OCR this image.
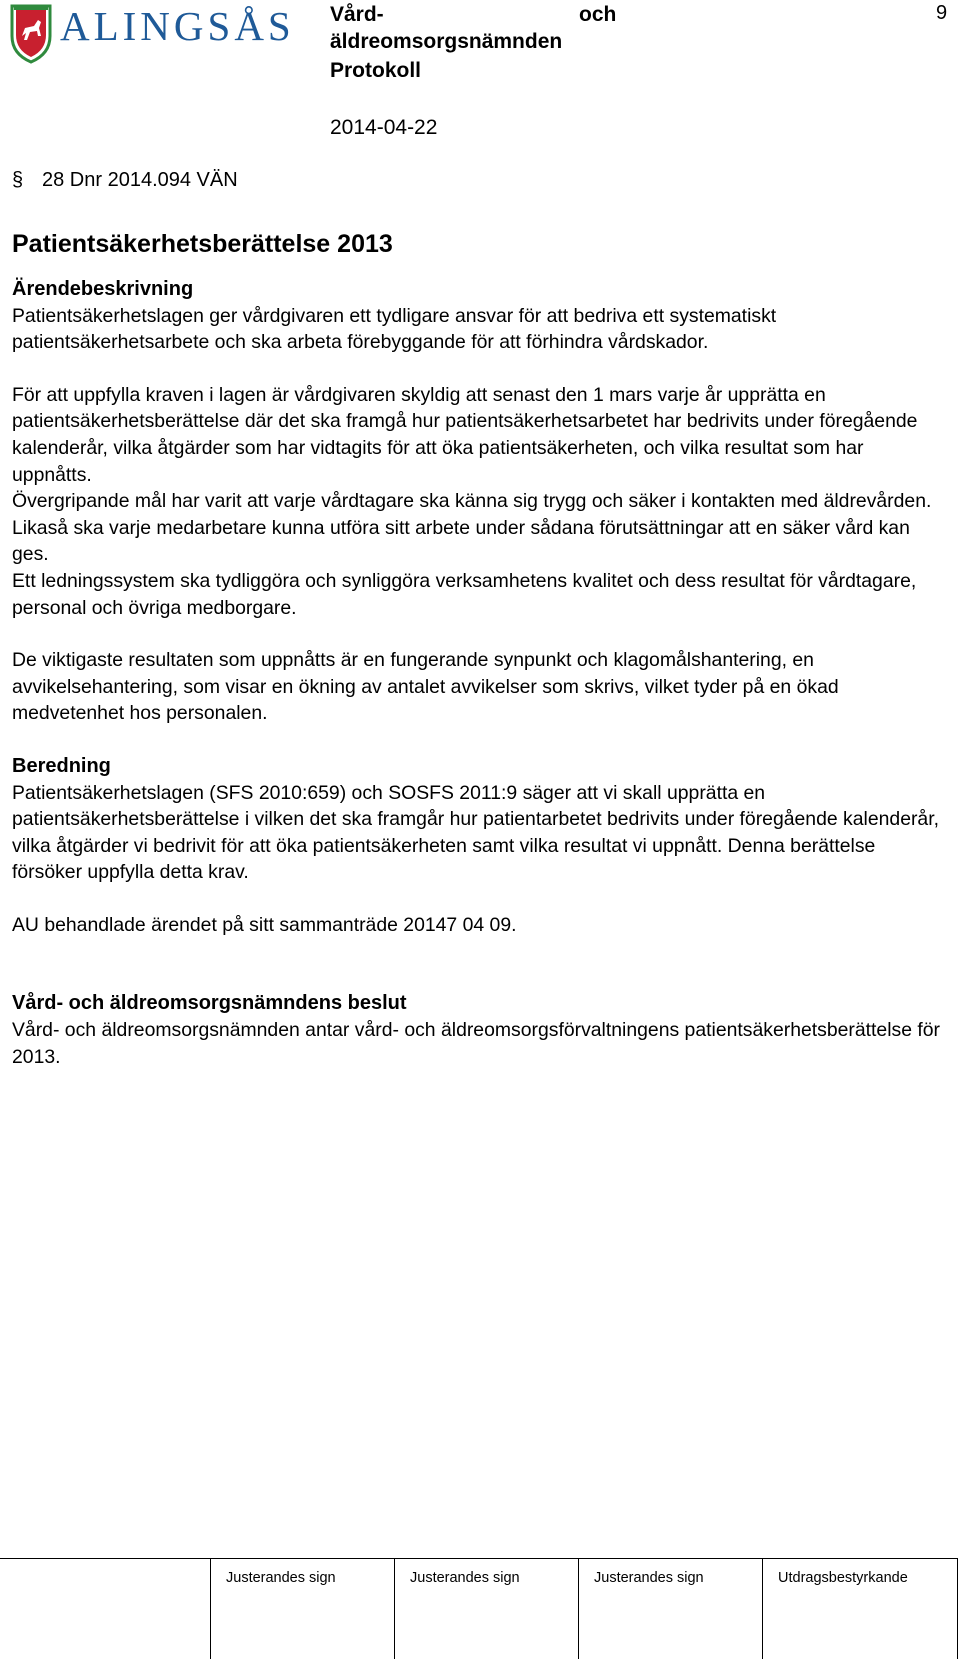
ALINGSÅS Vård-	och
äldreomsorgsnämnden
Protokoll
2014-04-22
9
§ 28 Dnr 2014.094 VÄN
Patientsäkerhetsberättelse 2013
Ärendebeskrivning
Patientsäkerhetslagen ger vårdgivaren ett tydligare ansvar för att bedriva ett systematiskt patientsäkerhetsarbete och ska arbeta förebyggande för att förhindra vårdskador.
För att uppfylla kraven i lagen är vårdgivaren skyldig att senast den 1 mars varje år upprätta en patientsäkerhetsberättelse där det ska framgå hur patientsäkerhetsarbetet har bedrivits under föregående kalenderår, vilka åtgärder som har vidtagits för att öka patientsäkerheten, och vilka resultat som har uppnåtts.
Övergripande mål har varit att varje vårdtagare ska känna sig trygg och säker i kontakten med äldrevården. Likaså ska varje medarbetare kunna utföra sitt arbete under sådana förutsättningar att en säker vård kan ges.
Ett ledningssystem ska tydliggöra och synliggöra verksamhetens kvalitet och dess resultat för vårdtagare, personal och övriga medborgare.
De viktigaste resultaten som uppnåtts är en fungerande synpunkt och klagomålshantering, en avvikelsehantering, som visar en ökning av antalet avvikelser som skrivs, vilket tyder på en ökad medvetenhet hos personalen.
Beredning
Patientsäkerhetslagen (SFS 2010:659) och SOSFS 2011:9 säger att vi skall upprätta en patientsäkerhetsberättelse i vilken det ska framgår hur patientarbetet bedrivits under föregående kalenderår, vilka åtgärder vi bedrivit för att öka patientsäkerheten samt vilka resultat vi uppnått. Denna berättelse försöker uppfylla detta krav.
AU behandlade ärendet på sitt sammanträde 20147 04 09.
Vård- och äldreomsorgsnämndens beslut
Vård- och äldreomsorgsnämnden antar vård- och äldreomsorgsförvaltningens patientsäkerhetsberättelse för 2013.
Justerandes sign	Justerandes sign	Justerandes sign	Utdragsbestyrkande
